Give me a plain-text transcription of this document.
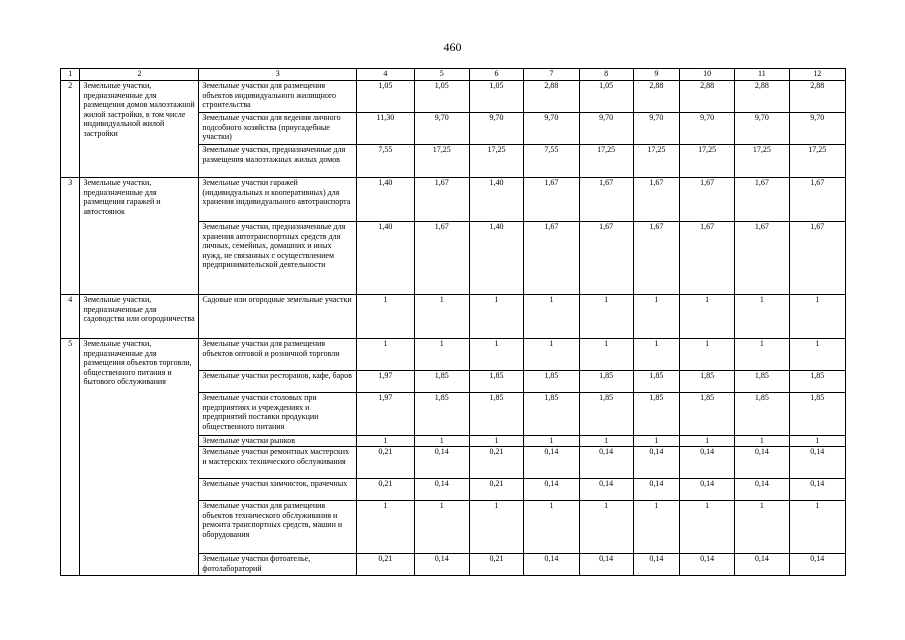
460
1	2	3	4	5	6	7	8	9	10	11	12
2	Земельные участки, предназначенные для размещения домов малоэтажной жилой застройки, в том числе индивидуальной жилой застройки	Земельные участки для размещения объектов индивидуального жилищного строительства	1,05	1,05	1,05	2,88	1,05	2,88	2,88	2,88	2,88
		Земельные участки для ведения личного подсобного хозяйства (приусадебные участки)	11,30	9,70	9,70	9,70	9,70	9,70	9,70	9,70	9,70
		Земельные участки, предназначенные для размещения малоэтажных жилых домов	7,55	17,25	17,25	7,55	17,25	17,25	17,25	17,25	17,25
3	Земельные участки, предназначенные для размещения гаражей и автостоянок	Земельные участки гаражей (индивидуальных и кооперативных) для хранения индивидуального автотранспорта	1,40	1,67	1,40	1,67	1,67	1,67	1,67	1,67	1,67
		Земельные участки, предназначенные для хранения автотранспортных средств для личных, семейных, домашних и иных нужд, не связанных с осуществлением предпринимательской деятельности	1,40	1,67	1,40	1,67	1,67	1,67	1,67	1,67	1,67
4	Земельные участки, предназначенные для садоводства или огородничества	Садовые или огородные земельные участки	1	1	1	1	1	1	1	1	1
5	Земельные участки, предназначенные для размещения объектов торговли, общественного питания и бытового обслуживания	Земельные участки для размещения объектов оптовой и розничной торговли	1	1	1	1	1	1	1	1	1
		Земельные участки ресторанов, кафе, баров	1,97	1,85	1,85	1,85	1,85	1,85	1,85	1,85	1,85
		Земельные участки столовых при предприятиях и учреждениях и предприятий поставки продукции общественного питания	1,97	1,85	1,85	1,85	1,85	1,85	1,85	1,85	1,85
		Земельные участки рынков	1	1	1	1	1	1	1	1	1
		Земельные участки ремонтных мастерских и мастерских технического обслуживания	0,21	0,14	0,21	0,14	0,14	0,14	0,14	0,14	0,14
		Земельные участки химчисток, прачечных	0,21	0,14	0,21	0,14	0,14	0,14	0,14	0,14	0,14
		Земельные участки для размещения объектов технического обслуживания и ремонта транспортных средств, машин и оборудования	1	1	1	1	1	1	1	1	1
		Земельные участки фотоателье, фотолабораторий	0,21	0,14	0,21	0,14	0,14	0,14	0,14	0,14	0,14
